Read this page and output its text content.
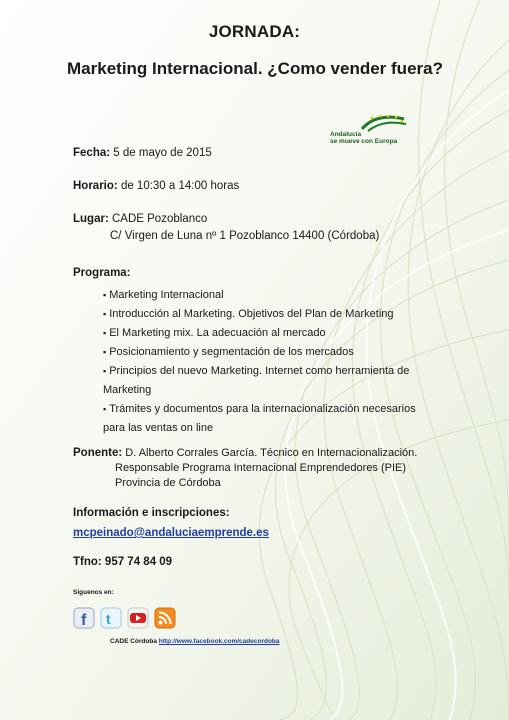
JORNADA:
Marketing Internacional. ¿Como vender fuera?
Andalucía
se mueve con Europa
Fecha: 5 de mayo de 2015
Horario: de 10:30 a 14:00 horas
Lugar: CADE Pozoblanco
C/ Virgen de Luna nº 1 Pozoblanco 14400 (Córdoba)
Programa:
▪ Marketing Internacional
▪ Introducción al Marketing. Objetivos del Plan de Marketing
▪ El Marketing mix. La adecuación al mercado
▪ Posicionamiento y segmentación de los mercados
▪ Principios del nuevo Marketing. Internet como herramienta de Marketing
▪ Trámites y documentos para la internacionalización necesarios para las ventas on line
Ponente: D. Alberto Corrales García. Técnico en Internacionalización.
Responsable Programa Internacional Emprendedores (PIE) Provincia de Córdoba
Información e inscripciones:
mcpeinado@andaluciaemprende.es
Tfno: 957 74 84 09
Síguenos en:
f t
CADE Córdoba http://www.facebook.com/cadecordoba
